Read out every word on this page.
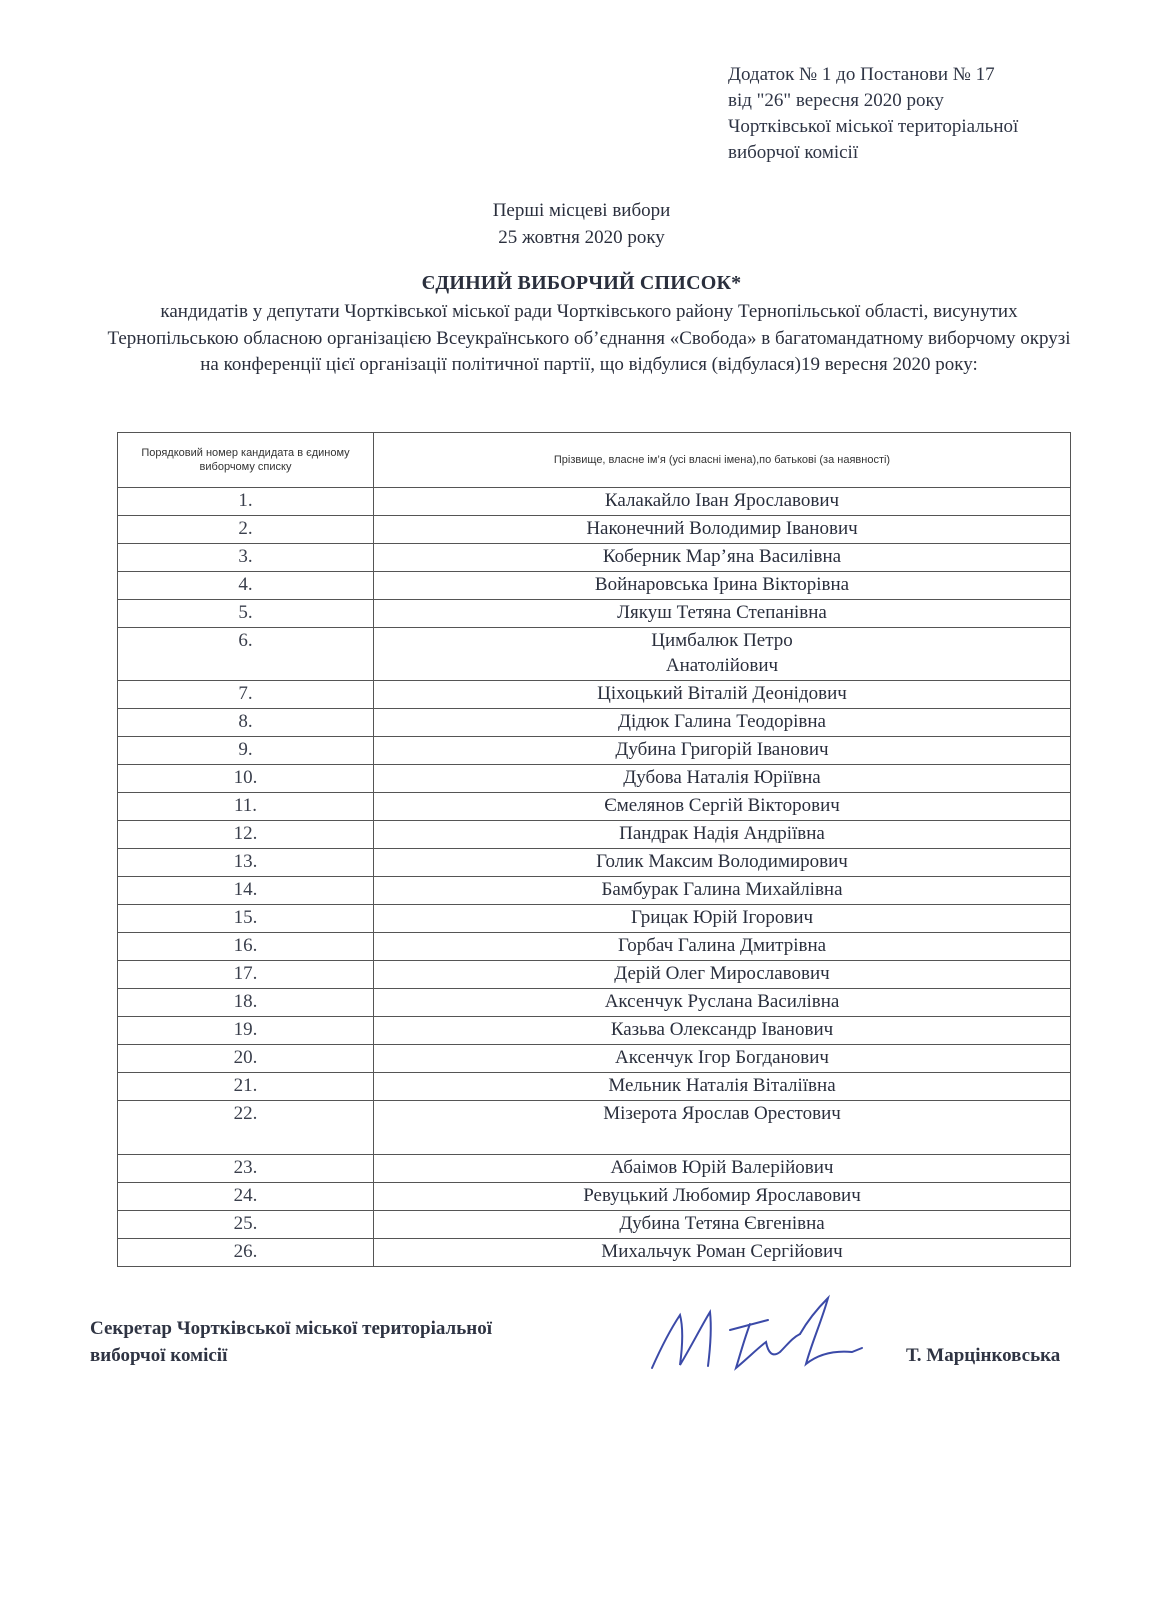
Додаток № 1 до Постанови № 17
від "26" вересня 2020 року
Чортківської міської територіальної
виборчої комісії
Перші місцеві вибори
25 жовтня 2020 року
ЄДИНИЙ ВИБОРЧИЙ СПИСОК*
кандидатів у депутати Чортківської міської ради Чортківського району Тернопільської області, висунутих Тернопільською обласною організацією Всеукраїнського об’єднання «Свобода» в багатомандатному виборчому окрузі на конференції цієї організації політичної партії, що відбулися (відбулася)19 вересня 2020 року:
Порядковий номер кандидата в єдиному виборчому списку	Прізвище, власне ім’я (усі власні імена),по батькові (за наявності)
1.	Калакайло Іван Ярославович
2.	Наконечний Володимир Іванович
3.	Коберник Мар’яна Василівна
4.	Войнаровська Ірина Вікторівна
5.	Лякуш Тетяна Степанівна
6.	Цимбалюк Петро Анатолійович
7.	Ціхоцький Віталій Деонідович
8.	Дідюк Галина Теодорівна
9.	Дубина Григорій Іванович
10.	Дубова Наталія Юріївна
11.	Ємелянов Сергій Вікторович
12.	Пандрак Надія Андріївна
13.	Голик Максим Володимирович
14.	Бамбурак Галина Михайлівна
15.	Грицак Юрій Ігорович
16.	Горбач Галина Дмитрівна
17.	Дерій Олег Мирославович
18.	Аксенчук Руслана Василівна
19.	Казьва Олександр Іванович
20.	Аксенчук Ігор Богданович
21.	Мельник Наталія Віталіївна
22.	Мізерота Ярослав Орестович
23.	Абаімов Юрій Валерійович
24.	Ревуцький Любомир Ярославович
25.	Дубина Тетяна Євгенівна
26.	Михальчук Роман Сергійович
Секретар Чортківської міської територіальної
виборчої комісії	Т. Марцінковська
